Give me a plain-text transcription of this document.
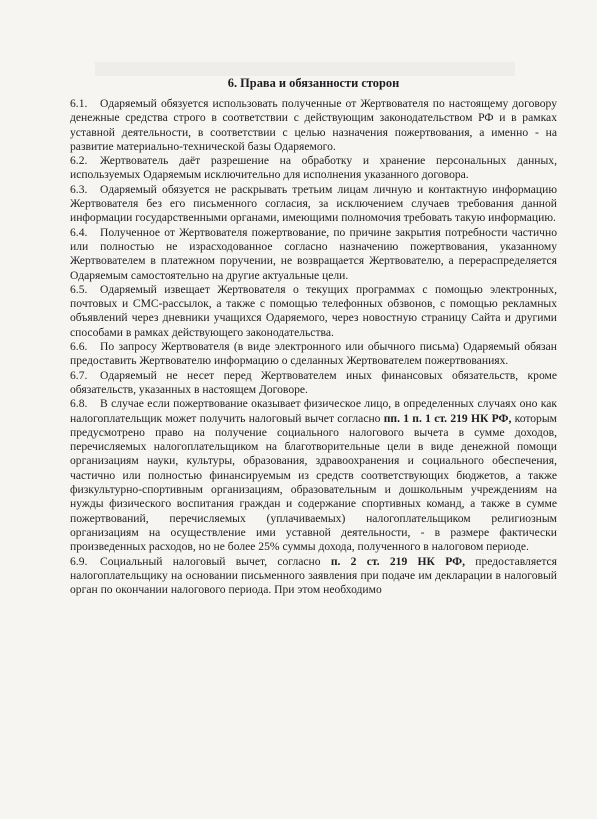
6. Права и обязанности сторон

6.1. Одаряемый обязуется использовать полученные от Жертвователя по настоящему договору денежные средства строго в соответствии с действующим законодательством РФ и в рамках уставной деятельности, в соответствии с целью назначения пожертвования, а именно - на развитие материально-технической базы Одаряемого.

6.2. Жертвователь даёт разрешение на обработку и хранение персональных данных, используемых Одаряемым исключительно для исполнения указанного договора.

6.3. Одаряемый обязуется не раскрывать третьим лицам личную и контактную информацию Жертвователя без его письменного согласия, за исключением случаев требования данной информации государственными органами, имеющими полномочия требовать такую информацию.

6.4. Полученное от Жертвователя пожертвование, по причине закрытия потребности частично или полностью не израсходованное согласно назначению пожертвования, указанному Жертвователем в платежном поручении, не возвращается Жертвователю, а перераспределяется Одаряемым самостоятельно на другие актуальные цели.

6.5. Одаряемый извещает Жертвователя о текущих программах с помощью электронных, почтовых и СМС-рассылок, а также с помощью телефонных обзвонов, с помощью рекламных объявлений через дневники учащихся Одаряемого, через новостную страницу Сайта и другими способами в рамках действующего законодательства.

6.6. По запросу Жертвователя (в виде электронного или обычного письма) Одаряемый обязан предоставить Жертвователю информацию о сделанных Жертвователем пожертвованиях.

6.7. Одаряемый не несет перед Жертвователем иных финансовых обязательств, кроме обязательств, указанных в настоящем Договоре.

6.8. В случае если пожертвование оказывает физическое лицо, в определенных случаях оно как налогоплательщик может получить налоговый вычет согласно пп. 1 п. 1 ст. 219 НК РФ, которым предусмотрено право на получение социального налогового вычета в сумме доходов, перечисляемых налогоплательщиком на благотворительные цели в виде денежной помощи организациям науки, культуры, образования, здравоохранения и социального обеспечения, частично или полностью финансируемым из средств соответствующих бюджетов, а также физкультурно-спортивным организациям, образовательным и дошкольным учреждениям на нужды физического воспитания граждан и содержание спортивных команд, а также в сумме пожертвований, перечисляемых (уплачиваемых) налогоплательщиком религиозным организациям на осуществление ими уставной деятельности, - в размере фактически произведенных расходов, но не более 25% суммы дохода, полученного в налоговом периоде.

6.9. Социальный налоговый вычет, согласно п. 2 ст. 219 НК РФ, предоставляется налогоплательщику на основании письменного заявления при подаче им декларации в налоговый орган по окончании налогового периода. При этом необходимо
